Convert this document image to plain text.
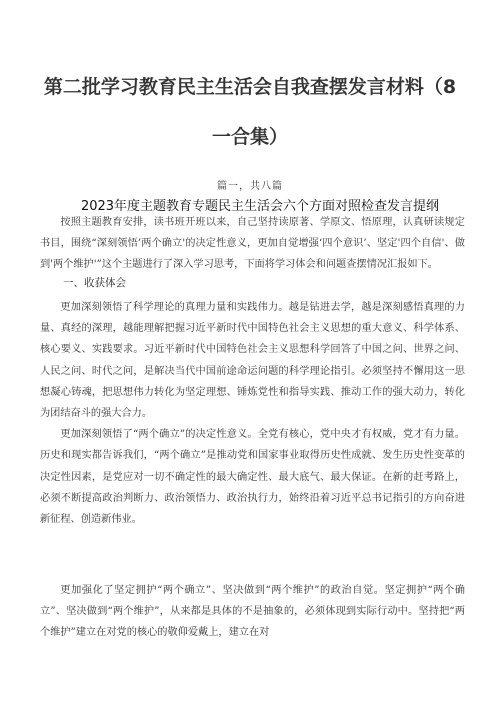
第二批学习教育民主生活会自我查摆发言材料（8
一合集）
篇一，共八篇
2023年度主题教育专题民主生活会六个方面对照检查发言提纲

按照主题教育安排，读书班开班以来，自己坚持读原著、学原文、悟原理，认真研读规定书目，围绕“深刻领悟’两个确立'的决定性意义，更加自觉增强‘四个意识’、坚定'四个自信'、做到'两个维护'”这个主题进行了深入学习思考，下面将学习体会和问题查摆情况汇报如下。

一、收获体会

更加深刻领悟了科学理论的真理力量和实践伟力。越是钻进去学，越是深刻感悟真理的力量、真经的深理，越能理解把握习近平新时代中国特色社会主义思想的重大意义、科学体系、核心要义、实践要求。习近平新时代中国特色社会主义思想科学回答了中国之问、世界之问、人民之问、时代之问，是解决当代中国前途命运问题的科学理论指引。必须坚持不懈用这一思想凝心铸魂，把思想伟力转化为坚定理想、锤炼党性和指导实践、推动工作的强大动力，转化为团结奋斗的强大合力。

更加深刻领悟了“两个确立”的决定性意义。全党有核心，党中央才有权威，党才有力量。历史和现实都告诉我们，“两个确立”是推动党和国家事业取得历史性成就、发生历史性变革的决定性因素，是党应对一切不确定性的最大确定性、最大底气、最大保证。在新的赶考路上，必须不断提高政治判断力、政治领悟力、政治执行力，始终沿着习近平总书记指引的方向奋进新征程、创造新伟业。

更加强化了坚定拥护“两个确立”、坚决做到“两个维护”的政治自觉。坚定拥护“两个确立”、坚决做到“两个维护”，从来都是具体的不是抽象的，必须体现到实际行动中。坚持把“两个维护”建立在对党的核心的敬仰爱戴上，建立在对
